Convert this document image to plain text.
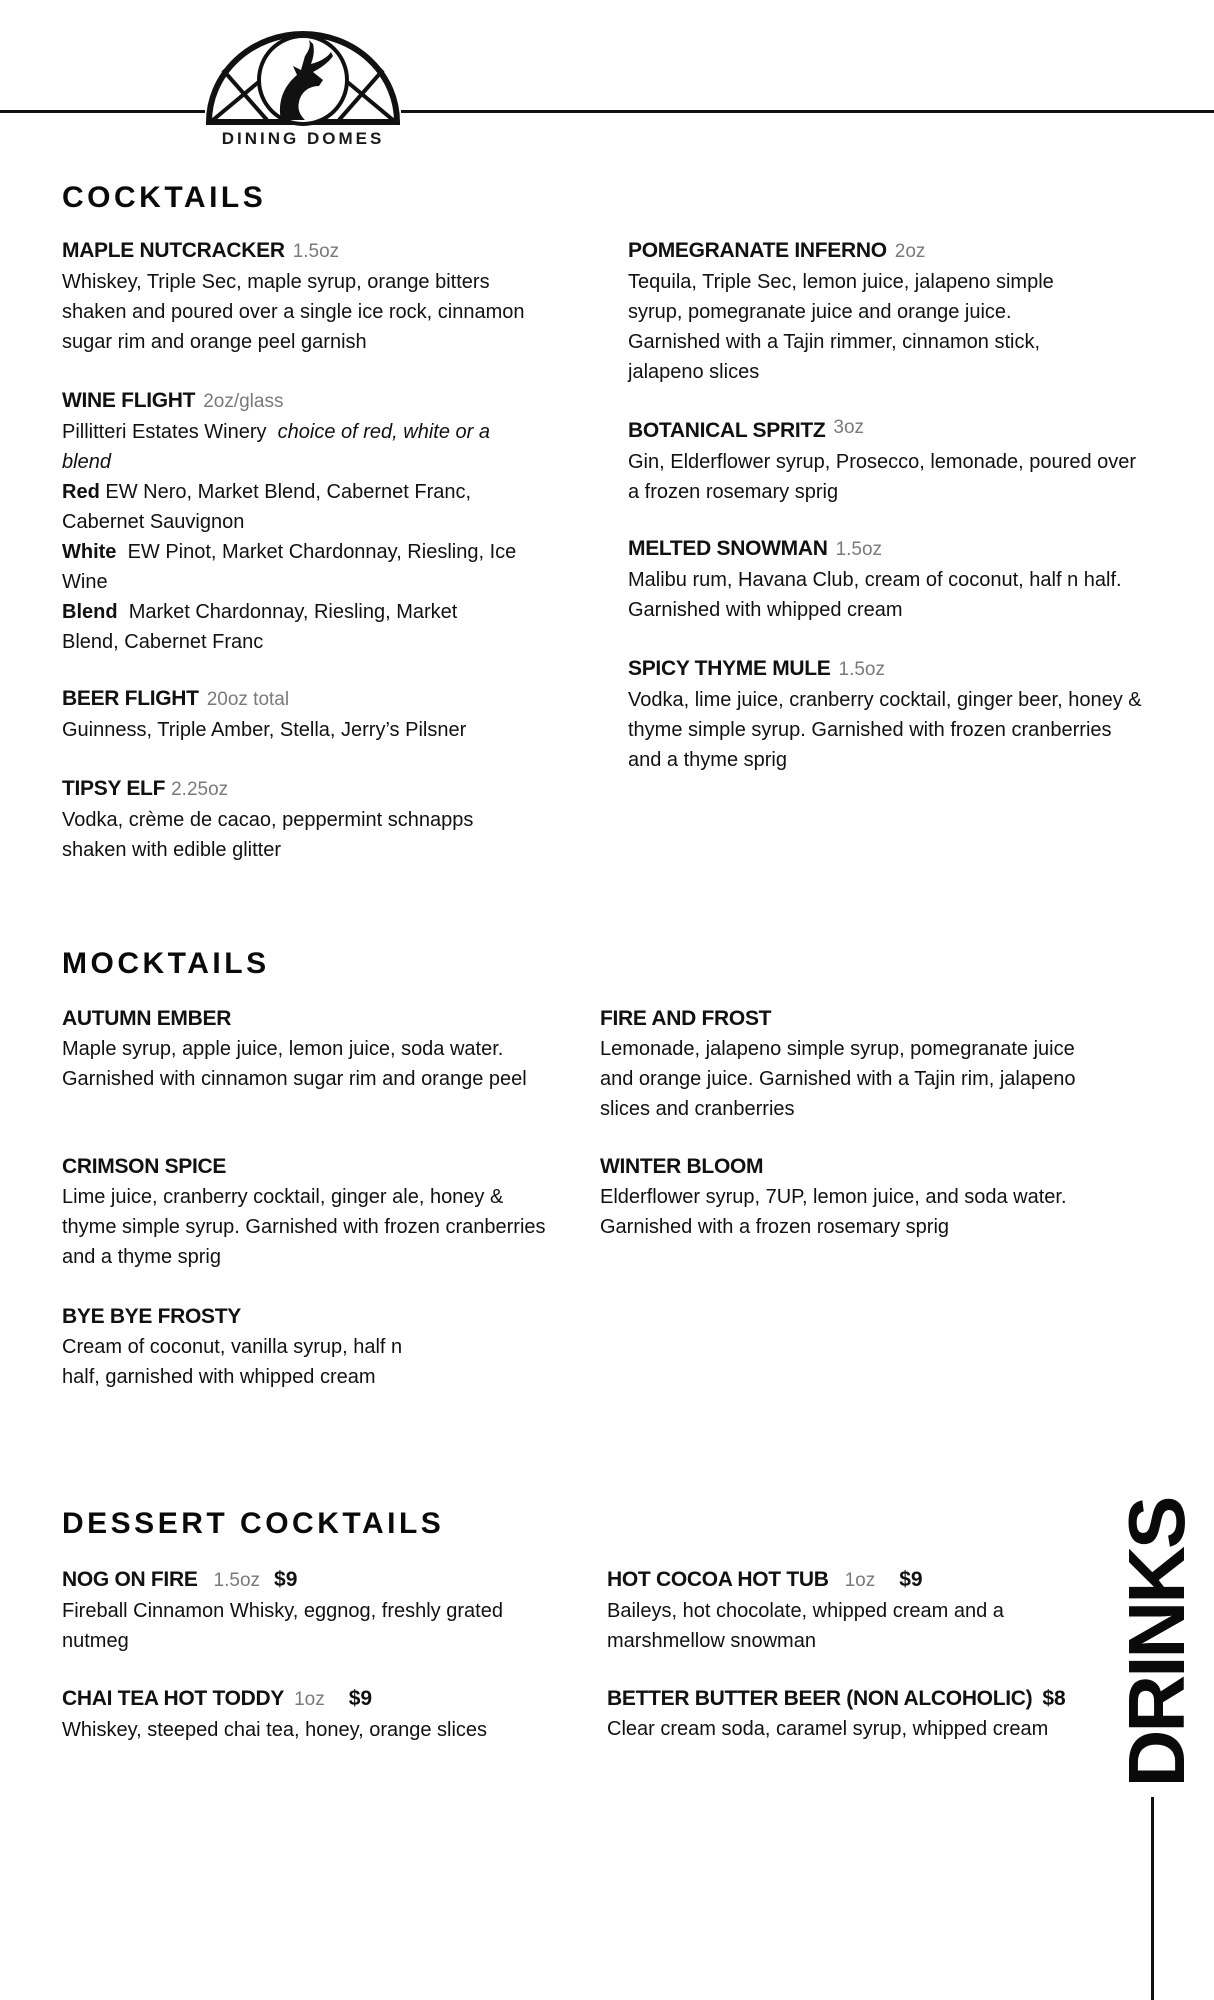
DINING DOMES
COCKTAILS
MAPLE NUTCRACKER 1.5oz
Whiskey, Triple Sec, maple syrup, orange bitters shaken and poured over a single ice rock, cinnamon sugar rim and orange peel garnish
WINE FLIGHT 2oz/glass

Pillitteri Estates Winery choice of red, white or a blend

Red EW Nero, Market Blend, Cabernet Franc, Cabernet Sauvignon

White EW Pinot, Market Chardonnay, Riesling, Ice Wine

Blend Market Chardonnay, Riesling, Market Blend, Cabernet Franc

BEER FLIGHT 20oz total
Guinness, Triple Amber, Stella, Jerry’s Pilsner
TIPSY ELF 2.25oz
Vodka, crème de cacao, peppermint schnapps shaken with edible glitter
POMEGRANATE INFERNO 2oz
Tequila, Triple Sec, lemon juice, jalapeno simple syrup, pomegranate juice and orange juice. Garnished with a Tajin rimmer, cinnamon stick, jalapeno slices
BOTANICAL SPRITZ 3oz
Gin, Elderflower syrup, Prosecco, lemonade, poured over a frozen rosemary sprig
MELTED SNOWMAN 1.5oz
Malibu rum, Havana Club, cream of coconut, half n half. Garnished with whipped cream
SPICY THYME MULE 1.5oz
Vodka, lime juice, cranberry cocktail, ginger beer, honey & thyme simple syrup. Garnished with frozen cranberries and a thyme sprig
MOCKTAILS
AUTUMN EMBER
Maple syrup, apple juice, lemon juice, soda water. Garnished with cinnamon sugar rim and orange peel
CRIMSON SPICE
Lime juice, cranberry cocktail, ginger ale, honey & thyme simple syrup. Garnished with frozen cranberries and a thyme sprig
BYE BYE FROSTY
Cream of coconut, vanilla syrup, half n half, garnished with whipped cream
FIRE AND FROST
Lemonade, jalapeno simple syrup, pomegranate juice and orange juice. Garnished with a Tajin rim, jalapeno slices and cranberries
WINTER BLOOM
Elderflower syrup, 7UP, lemon juice, and soda water. Garnished with a frozen rosemary sprig
DESSERT COCKTAILS
NOG ON FIRE 1.5oz $9
Fireball Cinnamon Whisky, eggnog, freshly grated nutmeg
CHAI TEA HOT TODDY 1oz $9
Whiskey, steeped chai tea, honey, orange slices
HOT COCOA HOT TUB 1oz $9
Baileys, hot chocolate, whipped cream and a marshmellow snowman
BETTER BUTTER BEER (NON ALCOHOLIC) $8
Clear cream soda, caramel syrup, whipped cream DRINKS
